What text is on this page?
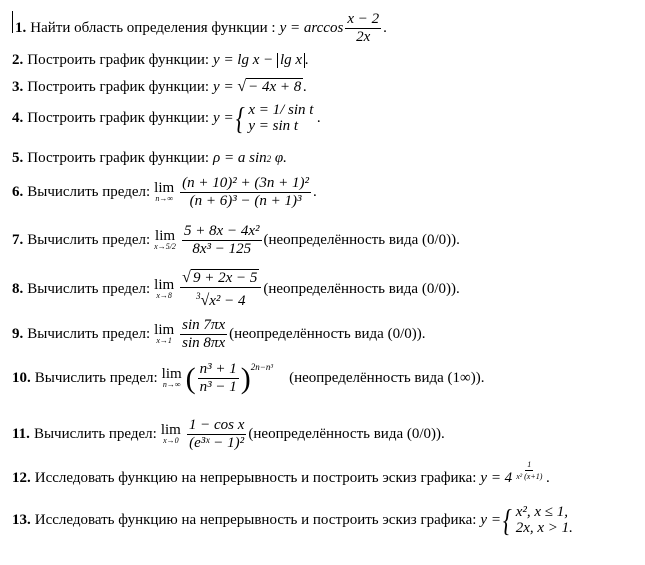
1. Найти область определения функции : $y = \arccos \frac{x - 2}{2x}$ .
2. Построить график функции: y = lg x −
lg x .
3. Построить график функции: y =
√ − 4x + 8 .
4. Построить график функции: y = { x = 1/ sin t
y = sin t
.
5. Построить график функции: ρ = a sin 2
φ .
6. Вычислить предел: lim
$n\to\infty \frac{\text{(n + 10)² + (3n + 1)²}}{\text{(n + 6)³ − (n + 1)³}}$ .
7. Вычислить предел: lim
$x\to 5/2 \frac{\text{5 + 8x − 4x²}}{\text{8x³ − 125}}$ (неопределённость вида (0/0)).
8. Вычислить предел: lim
$x\to 8 \frac{√ 9 + 2x - 5}{^3√x^2 - 4}$ (неопределённость вида (0/0)).
9. Вычислить предел: lim
$x\to 1 \frac{\sin 7\pi x}{\sin 8\pi x}$ (неопределённость вида (0/0)).
10. Вычислить предел: lim
n→∞ ( $\frac{\text{n³ + 1}}{\text{n³ − 1}} )^{2n-n^3}$
(неопределённость вида (1∞)).
11. Вычислить предел: lim
$x\to 0 \frac{\text{1 − cos x}}{\text{(e³ˣ − 1)²}}$ (неопределённость вида (0/0)).
12. Исследовать функцию на непрерывность и построить эскиз графика: $y = 4 \frac{1}{\text{x² (x+1)}}$ .
13. Исследовать функцию на непрерывность и построить эскиз графика: y = { x², x ≤ 1,
2x, x > 1.
